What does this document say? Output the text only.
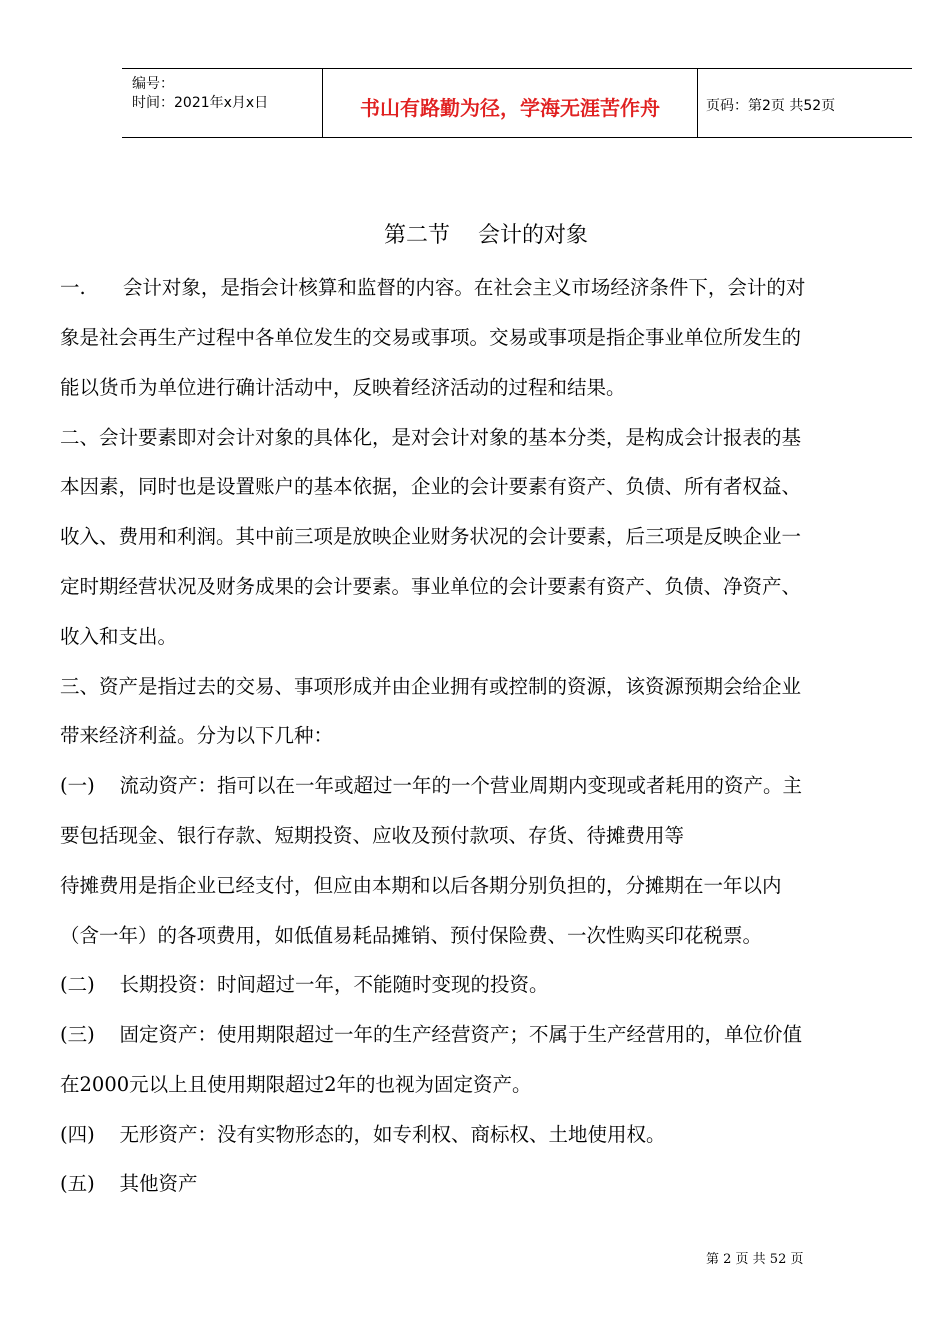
编号：
时间：2021年x月x日	书山有路勤为径，学海无涯苦作舟	页码：第2页 共52页
第二节    会计的对象
一.      会计对象，是指会计核算和监督的内容。在社会主义市场经济条件下，会计的对
象是社会再生产过程中各单位发生的交易或事项。交易或事项是指企事业单位所发生的
能以货币为单位进行确计活动中，反映着经济活动的过程和结果。
二、会计要素即对会计对象的具体化，是对会计对象的基本分类，是构成会计报表的基
本因素，同时也是设置账户的基本依据，企业的会计要素有资产、负债、所有者权益、
收入、费用和利润。其中前三项是放映企业财务状况的会计要素，后三项是反映企业一
定时期经营状况及财务成果的会计要素。事业单位的会计要素有资产、负债、净资产、
收入和支出。
三、资产是指过去的交易、事项形成并由企业拥有或控制的资源，该资源预期会给企业
带来经济利益。分为以下几种：
(一)    流动资产：指可以在一年或超过一年的一个营业周期内变现或者耗用的资产。主
要包括现金、银行存款、短期投资、应收及预付款项、存货、待摊费用等
待摊费用是指企业已经支付，但应由本期和以后各期分别负担的，分摊期在一年以内
（含一年）的各项费用，如低值易耗品摊销、预付保险费、一次性购买印花税票。
(二)    长期投资：时间超过一年，不能随时变现的投资。
(三)    固定资产：使用期限超过一年的生产经营资产；不属于生产经营用的，单位价值
在2000元以上且使用期限超过2年的也视为固定资产。
(四)    无形资产：没有实物形态的，如专利权、商标权、土地使用权。
(五)    其他资产
第 2 页 共 52 页
